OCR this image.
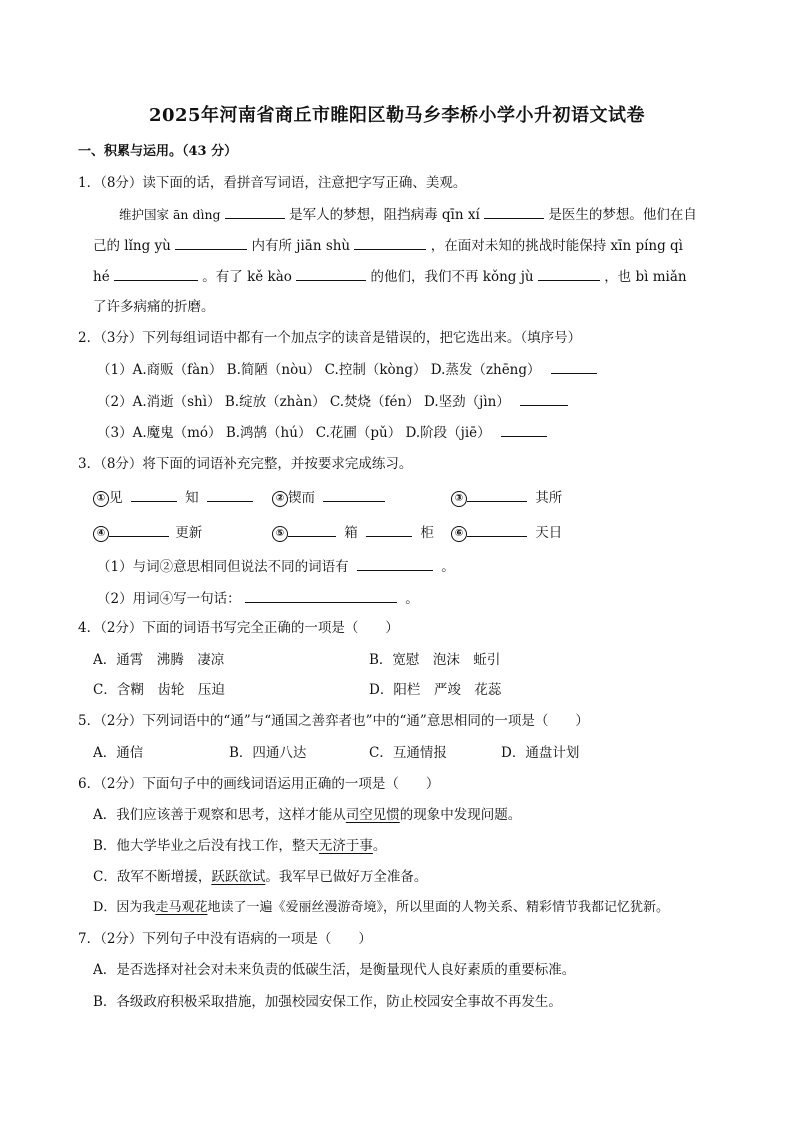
2025年河南省商丘市睢阳区勒马乡李桥小学小升初语文试卷
一、积累与运用。（43 分）
1．（8分）读下面的话，看拼音写词语，注意把字写正确、美观。
维护国家 ān dìng	是军人的梦想，阻挡病毒 qīn xí	是医生的梦想。他们在自
己的 lǐng yù	内有所 jiān shù	，在面对未知的挑战时能保持 xīn píng qì
hé	。有了 kě kào	的他们，我们不再 kǒng jù	，也 bì miǎn
了许多病痛的折磨。
2．（3分）下列每组词语中都有一个加点字的读音是错误的，把它选出来。（填序号）
（1）A.商贩（fàn） B.简陋（nòu） C.控制（kòng） D.蒸发（zhēng）
（2）A.消逝（shì） B.绽放（zhàn） C.焚烧（fén） D.坚劲（jìn）
（3）A.魔鬼（mó） B.鸿鹄（hú） C.花圃（pǔ） D.阶段（jiē）
3．（8分）将下面的词语补充完整，并按要求完成练习。
① 见	知	② 锲而	③	其所
④	更新	⑤	箱	柜	⑥	天日
（1）与词②意思相同但说法不同的词语有	。
（2）用词④写一句话：	。
4．（2分）下面的词语书写完全正确的一项是（　　）
A．通霄　沸腾　凄凉	B．宽慰　泡沫　蚯引
C．含糊　齿轮　压迫	D．阳栏　严竣　花蕊
5．（2分）下列词语中的“通”与“通国之善弈者也”中的“通”意思相同的一项是（　　）
A．通信	B．四通八达	C．互通情报	D．通盘计划
6．（2分）下面句子中的画线词语运用正确的一项是（　　）
A．我们应该善于观察和思考，这样才能从司空见惯的现象中发现问题。
B．他大学毕业之后没有找工作，整天无济于事。
C．敌军不断增援，跃跃欲试。我军早已做好万全准备。
D．因为我走马观花地读了一遍《爱丽丝漫游奇境》，所以里面的人物关系、精彩情节我都记忆犹新。
7．（2分）下列句子中没有语病的一项是（　　）
A．是否选择对社会对未来负责的低碳生活，是衡量现代人良好素质的重要标准。
B．各级政府积极采取措施，加强校园安保工作，防止校园安全事故不再发生。
